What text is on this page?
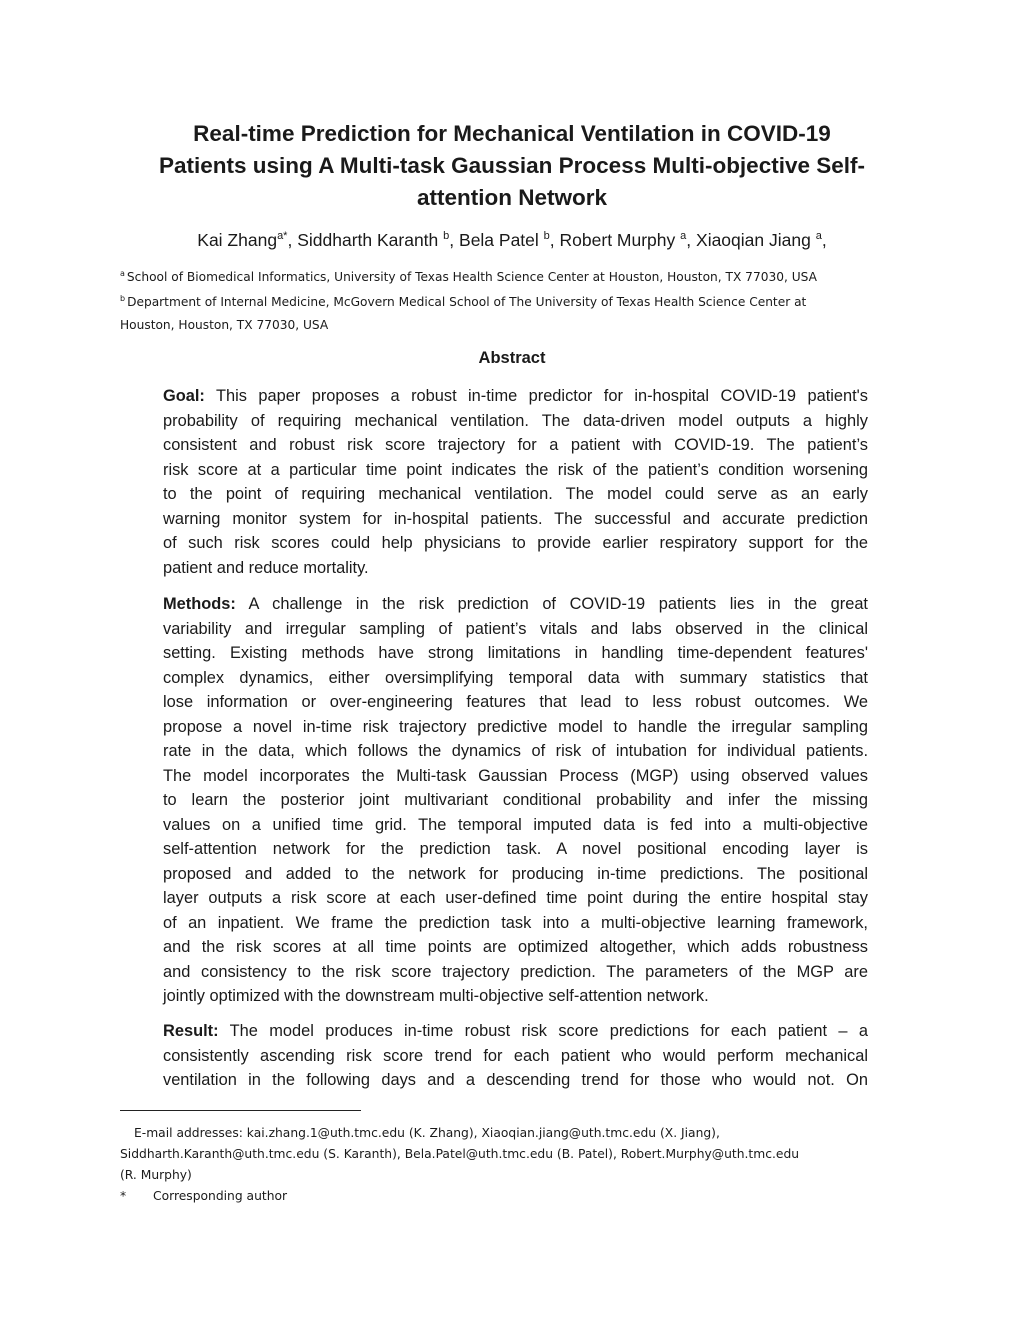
Real-time Prediction for Mechanical Ventilation in COVID-19
Patients using A Multi-task Gaussian Process Multi-objective Self-
attention Network
Kai Zhang$^{a*}$, Siddharth Karanth $^b$, Bela Patel $^b$, Robert Murphy $^a$, Xiaoqian Jiang $^a$,
$^a$ School of Biomedical Informatics, University of Texas Health Science Center at Houston, Houston, TX 77030, USA
$^b$ Department of Internal Medicine, McGovern Medical School of The University of Texas Health Science Center at
Houston, Houston, TX 77030, USA
Abstract
Goal: This paper proposes a robust in-time predictor for in-hospital COVID-19 patient's
probability of requiring mechanical ventilation. The data-driven model outputs a highly
consistent and robust risk score trajectory for a patient with COVID-19. The patient’s
risk score at a particular time point indicates the risk of the patient’s condition worsening
to the point of requiring mechanical ventilation. The model could serve as an early
warning monitor system for in-hospital patients. The successful and accurate prediction
of such risk scores could help physicians to provide earlier respiratory support for the
patient and reduce mortality.
Methods: A challenge in the risk prediction of COVID-19 patients lies in the great
variability and irregular sampling of patient’s vitals and labs observed in the clinical
setting. Existing methods have strong limitations in handling time-dependent features'
complex dynamics, either oversimplifying temporal data with summary statistics that
lose information or over-engineering features that lead to less robust outcomes. We
propose a novel in-time risk trajectory predictive model to handle the irregular sampling
rate in the data, which follows the dynamics of risk of intubation for individual patients.
The model incorporates the Multi-task Gaussian Process (MGP) using observed values
to learn the posterior joint multivariant conditional probability and infer the missing
values on a unified time grid. The temporal imputed data is fed into a multi-objective
self-attention network for the prediction task. A novel positional encoding layer is
proposed and added to the network for producing in-time predictions. The positional
layer outputs a risk score at each user-defined time point during the entire hospital stay
of an inpatient. We frame the prediction task into a multi-objective learning framework,
and the risk scores at all time points are optimized altogether, which adds robustness
and consistency to the risk score trajectory prediction. The parameters of the MGP are
jointly optimized with the downstream multi-objective self-attention network.
Result: The model produces in-time robust risk score predictions for each patient – a
consistently ascending risk score trend for each patient who would perform mechanical
ventilation in the following days and a descending trend for those who would not. On
E-mail addresses: kai.zhang.1@uth.tmc.edu (K. Zhang), Xiaoqian.jiang@uth.tmc.edu (X. Jiang),
Siddharth.Karanth@uth.tmc.edu (S. Karanth), Bela.Patel@uth.tmc.edu (B. Patel), Robert.Murphy@uth.tmc.edu
(R. Murphy)
* Corresponding author
